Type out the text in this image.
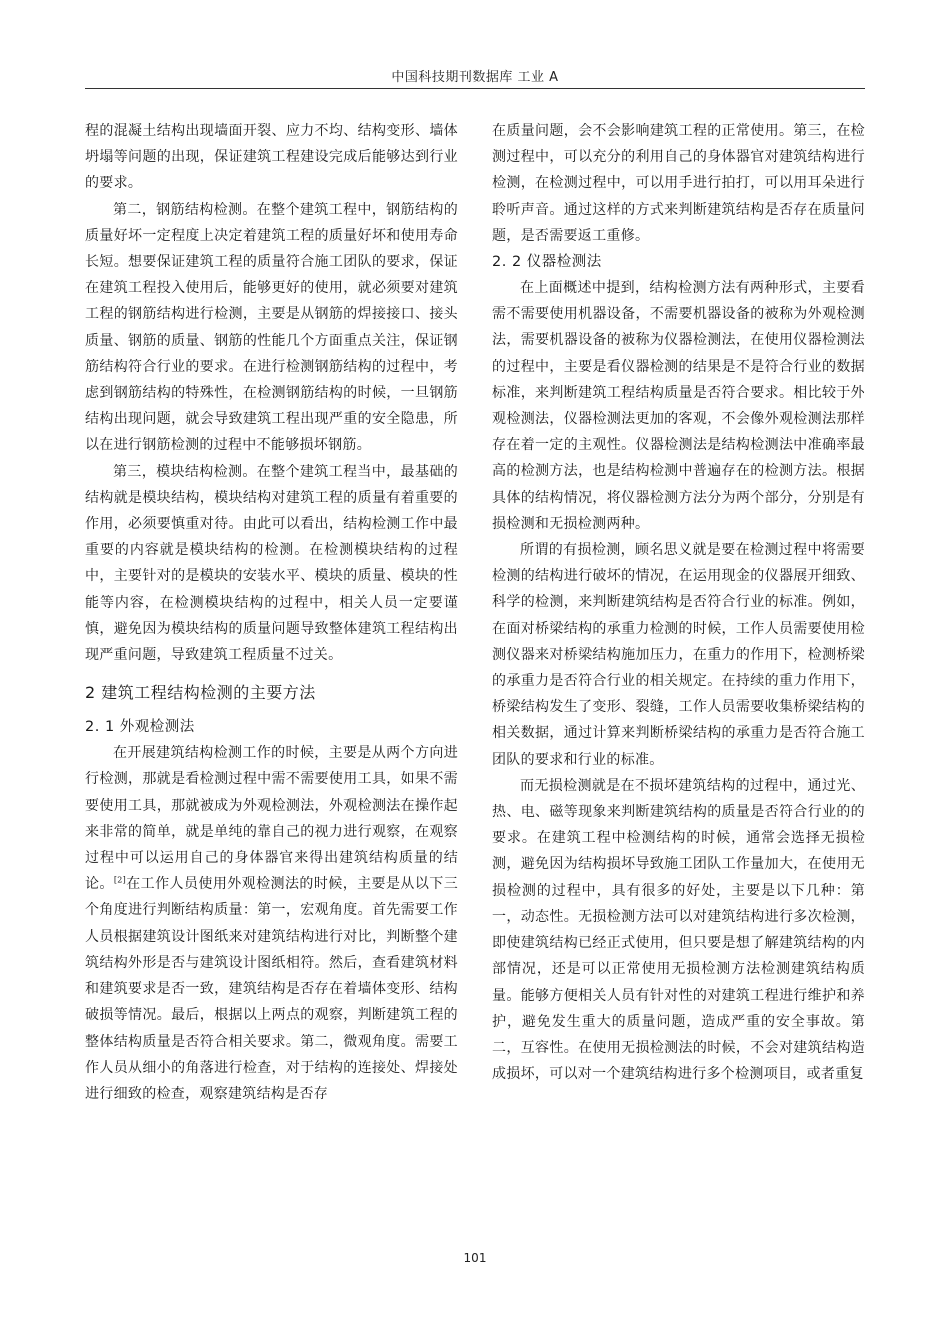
中国科技期刊数据库 工业 A

程的混凝土结构出现墙面开裂、应力不均、结构变形、墙体坍塌等问题的出现，保证建筑工程建设完成后能够达到行业的要求。

第二，钢筋结构检测。在整个建筑工程中，钢筋结构的质量好坏一定程度上决定着建筑工程的质量好坏和使用寿命长短。想要保证建筑工程的质量符合施工团队的要求，保证在建筑工程投入使用后，能够更好的使用，就必须要对建筑工程的钢筋结构进行检测，主要是从钢筋的焊接接口、接头质量、钢筋的质量、钢筋的性能几个方面重点关注，保证钢筋结构符合行业的要求。在进行检测钢筋结构的过程中，考虑到钢筋结构的特殊性，在检测钢筋结构的时候，一旦钢筋结构出现问题，就会导致建筑工程出现严重的安全隐患，所以在进行钢筋检测的过程中不能够损坏钢筋。

第三，模块结构检测。在整个建筑工程当中，最基础的结构就是模块结构，模块结构对建筑工程的质量有着重要的作用，必须要慎重对待。由此可以看出，结构检测工作中最重要的内容就是模块结构的检测。在检测模块结构的过程中，主要针对的是模块的安装水平、模块的质量、模块的性能等内容，在检测模块结构的过程中，相关人员一定要谨慎，避免因为模块结构的质量问题导致整体建筑工程结构出现严重问题，导致建筑工程质量不过关。

2 建筑工程结构检测的主要方法
2. 1 外观检测法

在开展建筑结构检测工作的时候，主要是从两个方向进行检测，那就是看检测过程中需不需要使用工具，如果不需要使用工具，那就被成为外观检测法，外观检测法在操作起来非常的简单，就是单纯的靠自己的视力进行观察，在观察过程中可以运用自己的身体器官来得出建筑结构质量的结论。[2]在工作人员使用外观检测法的时候，主要是从以下三个角度进行判断结构质量：第一，宏观角度。首先需要工作人员根据建筑设计图纸来对建筑结构进行对比，判断整个建筑结构外形是否与建筑设计图纸相符。然后，查看建筑材料和建筑要求是否一致，建筑结构是否存在着墙体变形、结构破损等情况。最后，根据以上两点的观察，判断建筑工程的整体结构质量是否符合相关要求。第二，微观角度。需要工作人员从细小的角落进行检查，对于结构的连接处、焊接处进行细致的检查，观察建筑结构是否存

在质量问题，会不会影响建筑工程的正常使用。第三，在检测过程中，可以充分的利用自己的身体器官对建筑结构进行检测，在检测过程中，可以用手进行拍打，可以用耳朵进行聆听声音。通过这样的方式来判断建筑结构是否存在质量问题，是否需要返工重修。

2. 2 仪器检测法

在上面概述中提到，结构检测方法有两种形式，主要看需不需要使用机器设备，不需要机器设备的被称为外观检测法，需要机器设备的被称为仪器检测法，在使用仪器检测法的过程中，主要是看仪器检测的结果是不是符合行业的数据标准，来判断建筑工程结构质量是否符合要求。相比较于外观检测法，仪器检测法更加的客观，不会像外观检测法那样存在着一定的主观性。仪器检测法是结构检测法中准确率最高的检测方法，也是结构检测中普遍存在的检测方法。根据具体的结构情况，将仪器检测方法分为两个部分，分别是有损检测和无损检测两种。

所谓的有损检测，顾名思义就是要在检测过程中将需要检测的结构进行破坏的情况，在运用现金的仪器展开细致、科学的检测，来判断建筑结构是否符合行业的标准。例如，在面对桥梁结构的承重力检测的时候，工作人员需要使用检测仪器来对桥梁结构施加压力，在重力的作用下，检测桥梁的承重力是否符合行业的相关规定。在持续的重力作用下，桥梁结构发生了变形、裂缝，工作人员需要收集桥梁结构的相关数据，通过计算来判断桥梁结构的承重力是否符合施工团队的要求和行业的标准。

而无损检测就是在不损坏建筑结构的过程中，通过光、热、电、磁等现象来判断建筑结构的质量是否符合行业的的要求。在建筑工程中检测结构的时候，通常会选择无损检测，避免因为结构损坏导致施工团队工作量加大，在使用无损检测的过程中，具有很多的好处，主要是以下几种：第一，动态性。无损检测方法可以对建筑结构进行多次检测，即使建筑结构已经正式使用，但只要是想了解建筑结构的内部情况，还是可以正常使用无损检测方法检测建筑结构质量。能够方便相关人员有针对性的对建筑工程进行维护和养护，避免发生重大的质量问题，造成严重的安全事故。第二，互容性。在使用无损检测法的时候，不会对建筑结构造成损坏，可以对一个建筑结构进行多个检测项目，或者重复

101
